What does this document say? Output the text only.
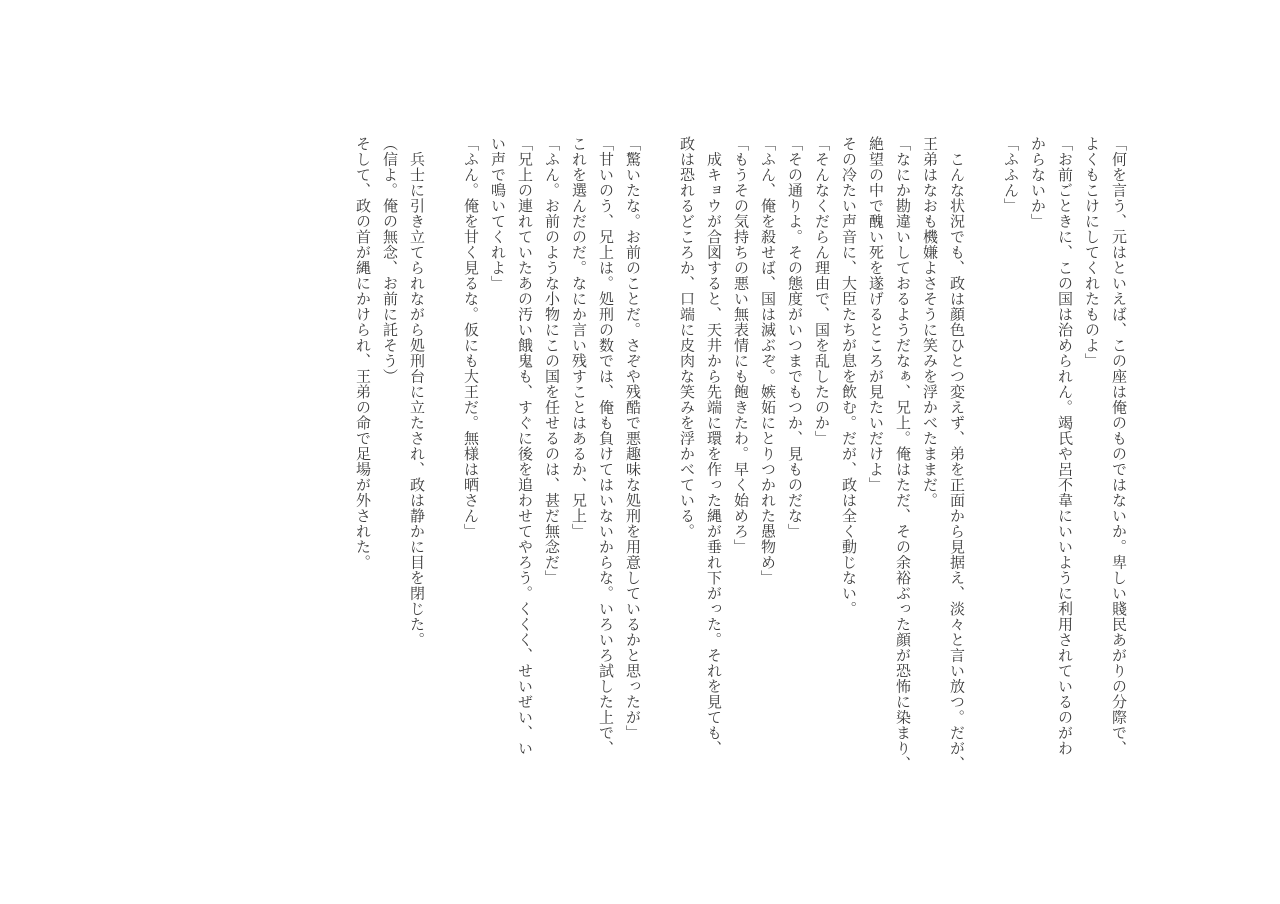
「何を言う、元はといえば、この座は俺のものではないか。卑しい賤民あがりの分際で、
よくもこけにしてくれたものよ」
「お前ごときに、この国は治められん。竭氏や呂不韋にいいように利用されているのがわ
からないか」
「ふふん」
　こんな状況でも、政は顔色ひとつ変えず、弟を正面から見据え、淡々と言い放つ。だが、
王弟はなおも機嫌よさそうに笑みを浮かべたままだ。
「なにか勘違いしておるようだなぁ、兄上。俺はただ、その余裕ぶった顔が恐怖に染まり、
絶望の中で醜い死を遂げるところが見たいだけよ」
その冷たい声音に、大臣たちが息を飲む。だが、政は全く動じない。
「そんなくだらん理由で、国を乱したのか」
「その通りよ。その態度がいつまでもつか、見ものだな」
「ふん、俺を殺せば、国は滅ぶぞ。嫉妬にとりつかれた愚物め」
「もうその気持ちの悪い無表情にも飽きたわ。早く始めろ」
　成キョウが合図すると、天井から先端に環を作った縄が垂れ下がった。それを見ても、
政は恐れるどころか、口端に皮肉な笑みを浮かべている。
「驚いたな。お前のことだ。さぞや残酷で悪趣味な処刑を用意しているかと思ったが」
「甘いのう、兄上は。処刑の数では、俺も負けてはいないからな。いろいろ試した上で、
これを選んだのだ。なにか言い残すことはあるか、兄上」
「ふん。お前のような小物にこの国を任せるのは、甚だ無念だ」
「兄上の連れていたあの汚い餓鬼も、すぐに後を追わせてやろう。くくく、せいぜい、い
い声で鳴いてくれよ」
「ふん。俺を甘く見るな。仮にも大王だ。無様は晒さん」
　兵士に引き立てられながら処刑台に立たされ、政は静かに目を閉じた。
（信よ。俺の無念、お前に託そう）
そして、政の首が縄にかけられ、王弟の命で足場が外された。
